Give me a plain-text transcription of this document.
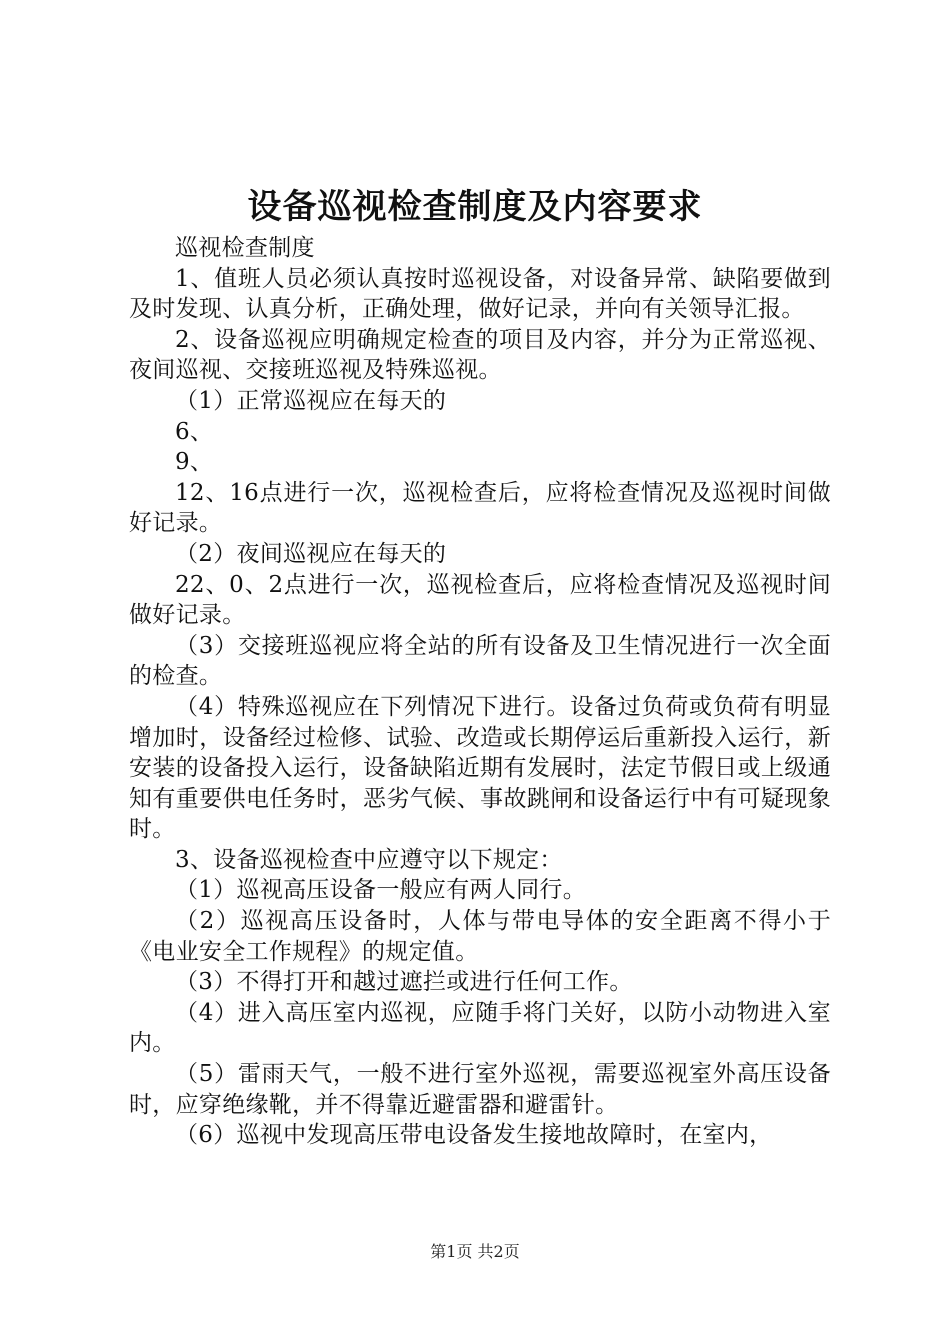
设备巡视检查制度及内容要求

巡视检查制度

1、值班人员必须认真按时巡视设备，对设备异常、缺陷要做到及时发现、认真分析，正确处理，做好记录，并向有关领导汇报。

2、设备巡视应明确规定检查的项目及内容，并分为正常巡视、夜间巡视、交接班巡视及特殊巡视。

（1）正常巡视应在每天的

6、

9、

12、16点进行一次，巡视检查后，应将检查情况及巡视时间做好记录。

（2）夜间巡视应在每天的

22、0、2点进行一次，巡视检查后，应将检查情况及巡视时间做好记录。

（3）交接班巡视应将全站的所有设备及卫生情况进行一次全面的检查。

（4）特殊巡视应在下列情况下进行。设备过负荷或负荷有明显增加时，设备经过检修、试验、改造或长期停运后重新投入运行，新安装的设备投入运行，设备缺陷近期有发展时，法定节假日或上级通知有重要供电任务时，恶劣气候、事故跳闸和设备运行中有可疑现象时。

3、设备巡视检查中应遵守以下规定：

（1）巡视高压设备一般应有两人同行。

（2）巡视高压设备时，人体与带电导体的安全距离不得小于《电业安全工作规程》的规定值。

（3）不得打开和越过遮拦或进行任何工作。

（4）进入高压室内巡视，应随手将门关好，以防小动物进入室内。

（5）雷雨天气，一般不进行室外巡视，需要巡视室外高压设备时，应穿绝缘靴，并不得靠近避雷器和避雷针。

（6）巡视中发现高压带电设备发生接地故障时，在室内，

第1页 共2页
